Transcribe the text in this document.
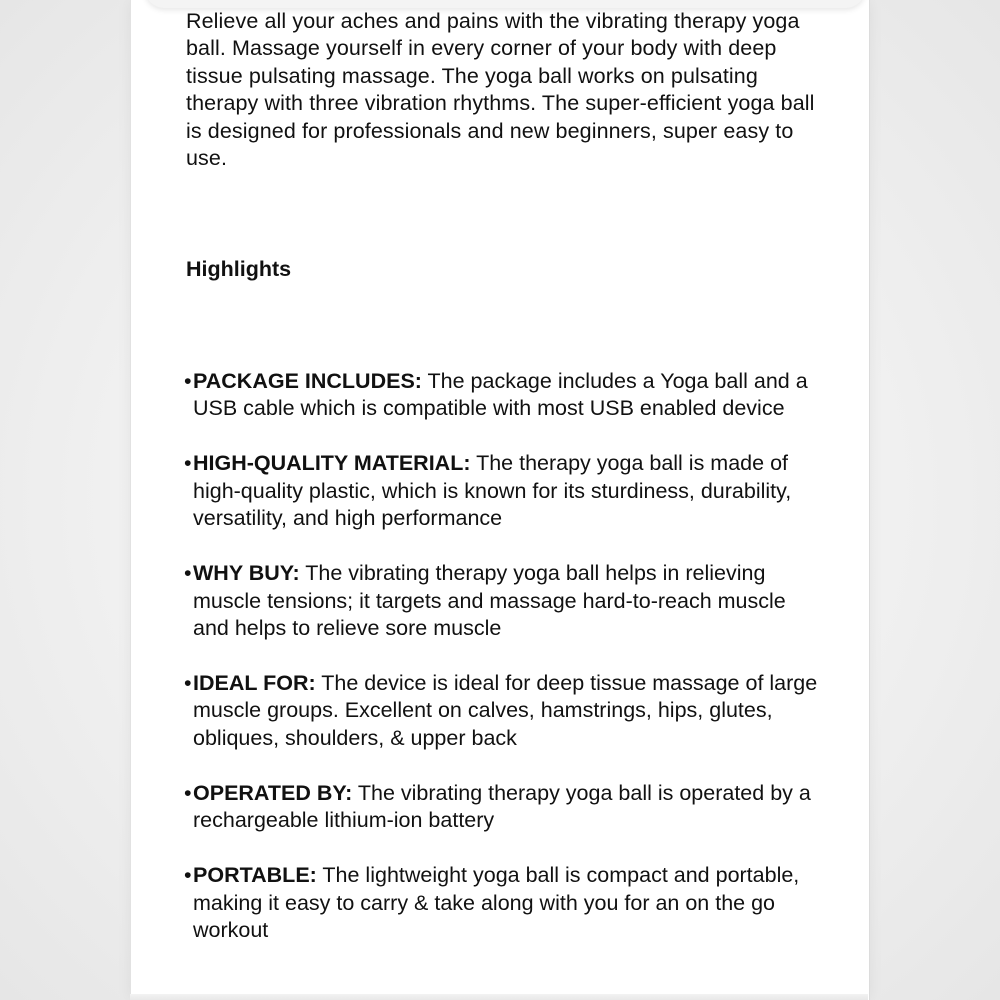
Relieve all your aches and pains with the vibrating therapy yoga ball. Massage yourself in every corner of your body with deep tissue pulsating massage. The yoga ball works on pulsating therapy with three vibration rhythms. The super-efficient yoga ball is designed for professionals and new beginners, super easy to use.

Highlights
• PACKAGE INCLUDES: The package includes a Yoga ball and a USB cable which is compatible with most USB enabled device
• HIGH-QUALITY MATERIAL: The therapy yoga ball is made of high-quality plastic, which is known for its sturdiness, durability, versatility, and high performance
• WHY BUY: The vibrating therapy yoga ball helps in relieving muscle tensions; it targets and massage hard-to-reach muscle and helps to relieve sore muscle
• IDEAL FOR: The device is ideal for deep tissue massage of large muscle groups. Excellent on calves, hamstrings, hips, glutes, obliques, shoulders, & upper back
• OPERATED BY: The vibrating therapy yoga ball is operated by a rechargeable lithium-ion battery
• PORTABLE: The lightweight yoga ball is compact and portable, making it easy to carry & take along with you for an on the go workout
